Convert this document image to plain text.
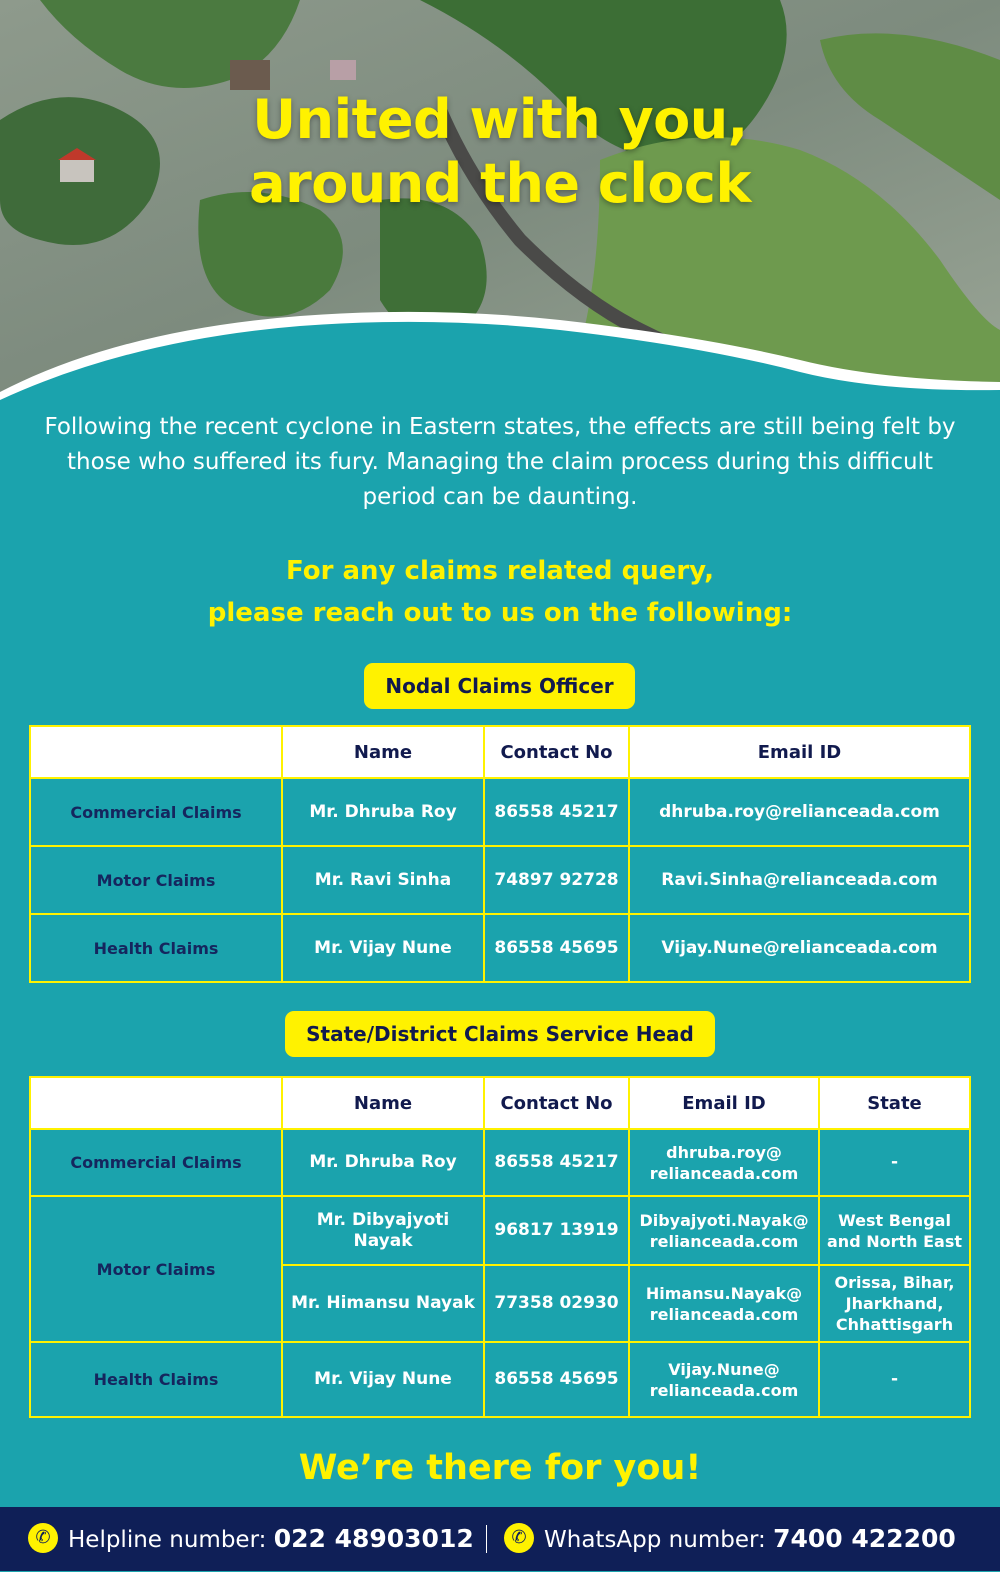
United with you,
around the clock
Following the recent cyclone in Eastern states, the effects are still being felt by those who suffered its fury. Managing the claim process during this difficult period can be daunting.
For any claims related query,
please reach out to us on the following:
Nodal Claims Officer
	Name	Contact No	Email ID
Commercial Claims	Mr. Dhruba Roy	86558 45217	dhruba.roy@relianceada.com
Motor Claims	Mr. Ravi Sinha	74897 92728	Ravi.Sinha@relianceada.com
Health Claims	Mr. Vijay Nune	86558 45695	Vijay.Nune@relianceada.com
State/District Claims Service Head
	Name	Contact No	Email ID	State
Commercial Claims	Mr. Dhruba Roy	86558 45217	dhruba.roy@
relianceada.com	-
Motor Claims	Mr. Dibyajyoti Nayak	96817 13919	Dibyajyoti.Nayak@
relianceada.com	West Bengal
and North East
	Mr. Himansu Nayak	77358 02930	Himansu.Nayak@
relianceada.com	Orissa, Bihar,
Jharkhand,
Chhattisgarh
Health Claims	Mr. Vijay Nune	86558 45695	Vijay.Nune@
relianceada.com	-
We’re there for you!
✆ Helpline number: 022 48903012	✆ WhatsApp number: 7400 422200
